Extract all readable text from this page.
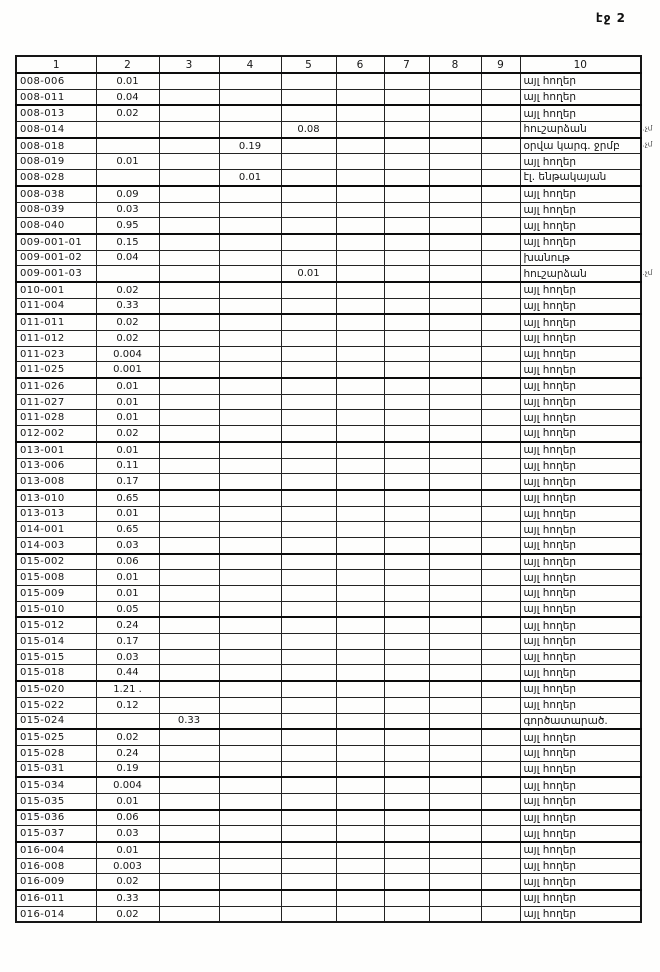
էջ 2
1	2	3	4	5	6	7	8	9	10
008-006	0.01								այլ հողեր
008-011	0.04								այլ հողեր
008-013	0.02								այլ հողեր
008-014				0.08					հուշարձան
008-018			0.19						օրվա կարգ. ջրմբ
008-019	0.01								այլ հողեր
008-028			0.01						էլ. ենթակայան
008-038	0.09								այլ հողեր
008-039	0.03								այլ հողեր
008-040	0.95								այլ հողեր
009-001-01	0.15								այլ հողեր
009-001-02	0.04								խանութ
009-001-03				0.01					հուշարձան
010-001	0.02								այլ հողեր
011-004	0.33								այլ հողեր
011-011	0.02								այլ հողեր
011-012	0.02								այլ հողեր
011-023	0.004								այլ հողեր
011-025	0.001								այլ հողեր
011-026	0.01								այլ հողեր
011-027	0.01								այլ հողեր
011-028	0.01								այլ հողեր
012-002	0.02								այլ հողեր
013-001	0.01								այլ հողեր
013-006	0.11								այլ հողեր
013-008	0.17								այլ հողեր
013-010	0.65								այլ հողեր
013-013	0.01								այլ հողեր
014-001	0.65								այլ հողեր
014-003	0.03								այլ հողեր
015-002	0.06								այլ հողեր
015-008	0.01								այլ հողեր
015-009	0.01								այլ հողեր
015-010	0.05								այլ հողեր
015-012	0.24								այլ հողեր
015-014	0.17								այլ հողեր
015-015	0.03								այլ հողեր
015-018	0.44								այլ հողեր
015-020	1.21 .								այլ հողեր
015-022	0.12								այլ հողեր
015-024		0.33							գործատարած.
015-025	0.02								այլ հողեր
015-028	0.24								այլ հողեր
015-031	0.19								այլ հողեր
015-034	0.004								այլ հողեր
015-035	0.01								այլ հողեր
015-036	0.06								այլ հողեր
015-037	0.03								այլ հողեր
016-004	0.01								այլ հողեր
016-008	0.003								այլ հողեր
016-009	0.02								այլ հողեր
016-011	0.33								այլ հողեր
016-014	0.02								այլ հողեր
.չմ
.չմ
.չմ
